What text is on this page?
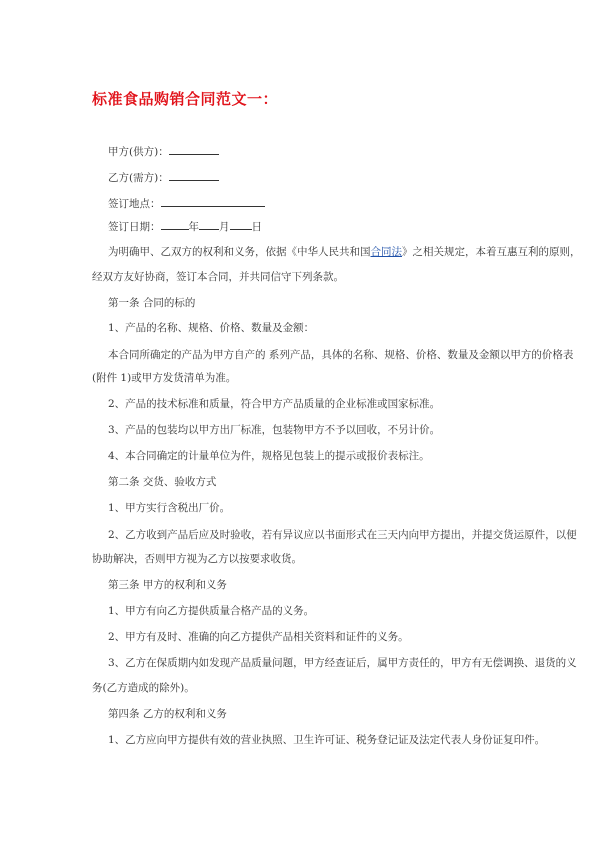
标准食品购销合同范文一：
甲方(供方)：
乙方(需方)：
签订地点：
签订日期：	年 月 日
为明确甲、乙双方的权利和义务，依据《中华人民共和国合同法》之相关规定，本着互惠互利的原则，
经双方友好协商，签订本合同，并共同信守下列条款。
第一条 合同的标的
1、产品的名称、规格、价格、数量及金额：
本合同所确定的产品为甲方自产的 系列产品，具体的名称、规格、价格、数量及金额以甲方的价格表
(附件 1)或甲方发货清单为准。
2、产品的技术标准和质量，符合甲方产品质量的企业标准或国家标准。
3、产品的包装均以甲方出厂标准，包装物甲方不予以回收，不另计价。
4、本合同确定的计量单位为件，规格见包装上的提示或报价表标注。
第二条 交货、验收方式
1、甲方实行含税出厂价。
2、乙方收到产品后应及时验收，若有异议应以书面形式在三天内向甲方提出，并提交货运原件，以便
协助解决，否则甲方视为乙方以按要求收货。
第三条 甲方的权利和义务
1、甲方有向乙方提供质量合格产品的义务。
2、甲方有及时、准确的向乙方提供产品相关资料和证件的义务。
3、乙方在保质期内如发现产品质量问题，甲方经查证后，属甲方责任的，甲方有无偿调换、退货的义
务(乙方造成的除外)。
第四条 乙方的权利和义务
1、乙方应向甲方提供有效的营业执照、卫生许可证、税务登记证及法定代表人身份证复印件。
